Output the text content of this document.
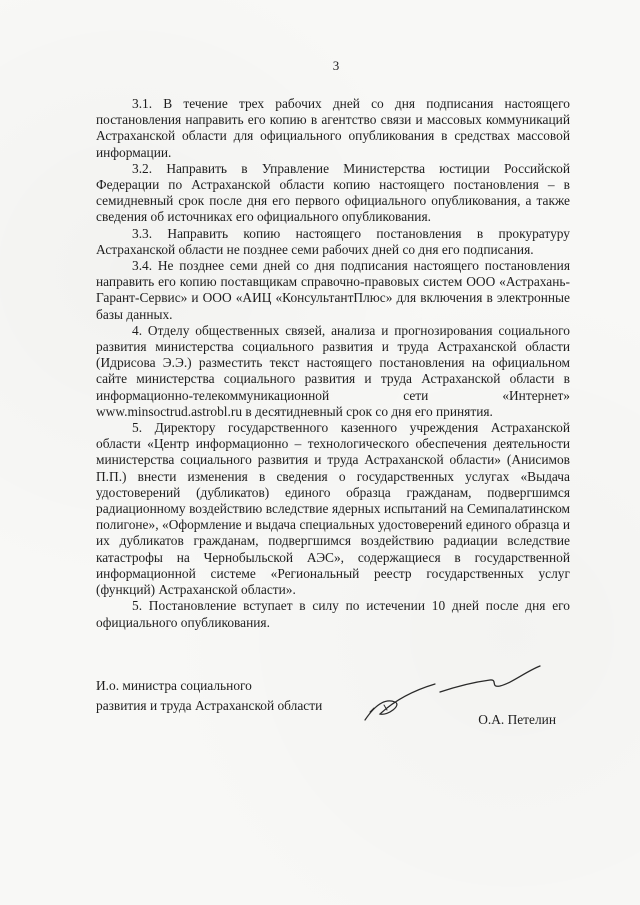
3

3.1. В течение трех рабочих дней со дня подписания настоящего постановления направить его копию в агентство связи и массовых коммуникаций Астраханской области для официального опубликования в средствах массовой информации.

3.2. Направить в Управление Министерства юстиции Российской Федерации по Астраханской области копию настоящего постановления – в семидневный срок после дня его первого официального опубликования, а также сведения об источниках его официального опубликования.

3.3. Направить копию настоящего постановления в прокуратуру Астраханской области не позднее семи рабочих дней со дня его подписания.

3.4. Не позднее семи дней со дня подписания настоящего постановления направить его копию поставщикам справочно-правовых систем ООО «Астрахань-Гарант-Сервис» и ООО «АИЦ «КонсультантПлюс» для включения в электронные базы данных.

4. Отделу общественных связей, анализа и прогнозирования социального развития министерства социального развития и труда Астраханской области (Идрисова Э.Э.) разместить текст настоящего постановления на официальном сайте министерства социального развития и труда Астраханской области в информационно-телекоммуникационной сети «Интернет» www.minsoctrud.astrobl.ru в десятидневный срок со дня его принятия.

5. Директору государственного казенного учреждения Астраханской области «Центр информационно – технологического обеспечения деятельности министерства социального развития и труда Астраханской области» (Анисимов П.П.) внести изменения в сведения о государственных услугах «Выдача удостоверений (дубликатов) единого образца гражданам, подвергшимся радиационному воздействию вследствие ядерных испытаний на Семипалатинском полигоне», «Оформление и выдача специальных удостоверений единого образца и их дубликатов гражданам, подвергшимся воздействию радиации вследствие катастрофы на Чернобыльской АЭС», содержащиеся в государственной информационной системе «Региональный реестр государственных услуг (функций) Астраханской области».

5. Постановление вступает в силу по истечении 10 дней после дня его официального опубликования.

И.о. министра социального
развития и труда Астраханской области
О.А. Петелин
